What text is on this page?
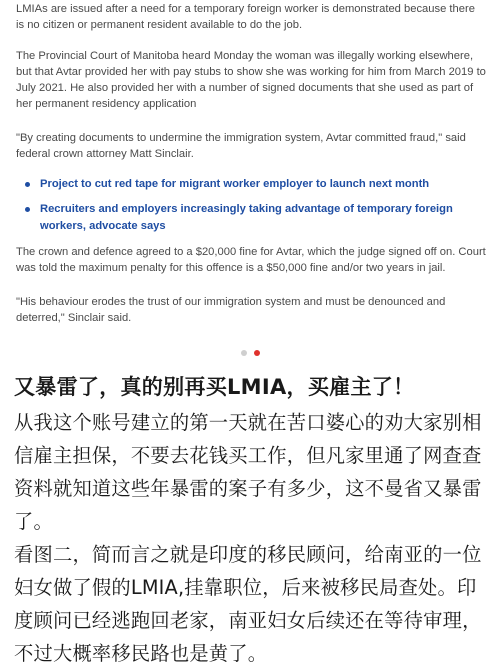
LMIAs are issued after a need for a temporary foreign worker is demonstrated because there is no citizen or permanent resident available to do the job.

The Provincial Court of Manitoba heard Monday the woman was illegally working elsewhere, but that Avtar provided her with pay stubs to show she was working for him from March 2019 to July 2021. He also provided her with a number of signed documents that she used as part of her permanent residency application

"By creating documents to undermine the immigration system, Avtar committed fraud," said federal crown attorney Matt Sinclair.

Project to cut red tape for migrant worker employer to launch next month
Recruiters and employers increasingly taking advantage of temporary foreign workers, advocate says

The crown and defence agreed to a $20,000 fine for Avtar, which the judge signed off on. Court was told the maximum penalty for this offence is a $50,000 fine and/or two years in jail.

"His behaviour erodes the trust of our immigration system and must be denounced and deterred," Sinclair said.

又暴雷了，真的别再买LMIA，买雇主了！

从我这个账号建立的第一天就在苦口婆心的劝大家别相信雇主担保，不要去花钱买工作，但凡家里通了网查查资料就知道这些年暴雷的案子有多少，这不曼省又暴雷了。

看图二，简而言之就是印度的移民顾问，给南亚的一位妇女做了假的LMIA,挂靠职位，后来被移民局查处。印度顾问已经逃跑回老家，南亚妇女后续还在等待审理，不过大概率移民路也是黄了。
